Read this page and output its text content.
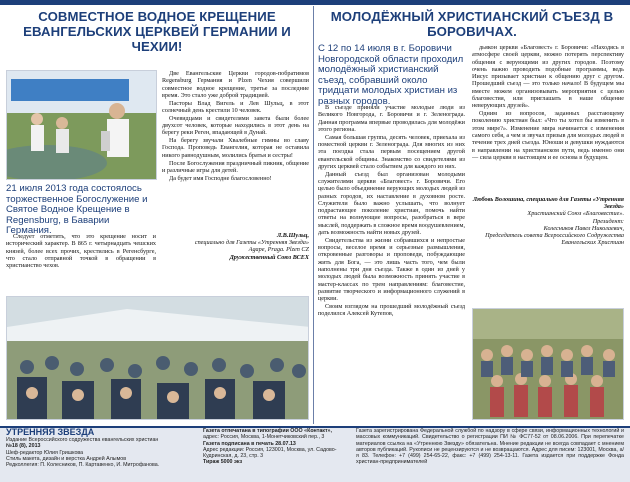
СОВМЕСТНОЕ ВОДНОЕ КРЕЩЕНИЕ ЕВАНГЕЛЬСКИХ ЦЕРКВЕЙ ГЕРМАНИИ И ЧЕХИИ!
21 июля 2013 года состоялось торжественное Богослужение и Святое Водное Крещение в Regensburg, в Баварии Германия.

Две Евангельские Церкви городов-побратимов Regensburg Германия и Plzen Чехия совершили совместное водное крещение, третье за последние время. Это стало уже доброй традицией.

Пасторы Влад Вигель и Лев Шульц, в этот солнечный день крестили 10 человек.

Очевидцами и свидетелями завета были более двухсот человек, которые находились в этот день на берегу реки Реген, впадающей в Дунай.

На берегу звучали Хвалебные гимны во славу Господа. Проповедь Евангелия, которая не оставила никого равнодушным, молились братья и сестры!

После Богослужения праздничный пикник, общение и различные игры для детей.

Да будет имя Господне благословенно!

Следует отметить, что это крещение носит и исторический характер. В 865 г. четырнадцать чешских князей, более всех прочих, крестились в Регенсбурге, что стало отправной точкой в обращении в христианство чехов.

Л.В.Шульц,
специально для Газеты «Утренняя Звезда»
Agape, Praga. Plzen CZ
Дружественный Союз ВСЕХ
МОЛОДЁЖНЫЙ ХРИСТИАНСКИЙ СЪЕЗД В БОРОВИЧАХ.
С 12 по 14 июля в г. Боровичи Новгородской области проходил молодёжный христианский съезд, собравший около тридцати молодых христиан из разных городов.

В съезде приняли участие молодые люди из Великого Новгорода, г. Боровичи и г. Зеленограда. Данная программа впервые проводилась для молодёжи этого региона.

Самая большая группа, десять человек, приехала из поместной церкви г. Зеленограда. Для многих из них эта поездка стала первым посещением другой евангельской общины. Знакомство со свидетелями из других церквей стало событием для каждого из них.

Данный съезд был организован молодыми служителями церкви «Благовест» г. Боровичи. Его целью было объединение верующих молодых людей из разных городов, их наставление в духовном росте. Служители было важно услышать, что волнует подрастающее поколение христиан, помочь найти ответы на волнующие вопросы, разобраться в вере мыслей, поддержать в сложное время воодушевлением, дать возможность найти новых друзей.

Свидетельства из жизни собравшихся и непростые вопросы, веселое время и серьезные размышления, откровенные разговоры и проповеди, побуждающие жить для Бога, — это лишь часть того, чем были наполнены три дня съезда. Также в один из дней у молодых людей была возможность принять участие в мастер-классах по трем направлениям: благовестие, развитие творческого и информационного служений в церкви.

Своим взглядом на прошедший молодёжный съезд поделился Алексей Кутепов,

дьякон церкви «Благовест» г. Боровичи: «Находясь в атмосфере своей церкви, можно потерять перспективу общения с верующими из других городов. Поэтому очень важно проводить подобные программы, ведь Иисус призывает христиан к общению друг с другом. Прошедший съезд — это только начало! В будущем мы вместе можем организовывать мероприятия с целью благовестия, или приглашать в наше общение неверующих друзей».

Одним из вопросов, заданных расстающему поколению христиан был: «Что ты хотел бы изменить в этом мире?». Изменение мира начинается с изменения самого себя, а чем и звучал призыв для молодых людей в течение трех дней съезда. Юноши и девушки нуждаются в направлении на христианском пути, ведь именно они — сила церкви в настоящем и ее основа в будущем.

Любовь Волошина, специально для Газеты «Утренняя Звезда»
Христианский Союз «Благовестие».
Президент:
Колесников Павел Николаевич,
Председатель совета Всероссийского Содружества Евангельских Христиан
УТРЕННЯЯ ЗВЕЗДА
Издание Всероссийского содружества евангельских христиан
№18 (8), 2013
Шеф-редактор Юлия Гришкова
Стиль макета, дизайн и верстка Андрей Алымов
Редколлегия: П. Колесников, П. Картавенко, И. Митрофанова.
Газета отпечатана в типографии ООО «Контакт»,
адрес: Россия, Москва, 1-Монетчиковский пер., 3
Газета подписана в печать 28.07.13
Адрес редакции: Россия, 123001, Москва, ул. Садово-Кудринская, д. 23, стр. 3
Тираж 5000 экз
Газета зарегистрирована Федеральной службой по надзору в сфере связи, информационных технологий и массовых коммуникаций. Свидетельство о регистрации ПИ № ФС77-52 от 08.06.2006. При перепечатке материалов ссылка на «Утреннюю Звезду» обязательна. Мнение редакции не всегда совпадает с мнением авторов публикаций. Рукописи не рецензируются и не возвращаются. Адрес для писем: 123001, Москва, а/я 83. Телефон: +7 (499) 254-65-22, факс: +7 (499) 254-13-11. Газета издается при поддержке Фонда христиан-предпринимателей
